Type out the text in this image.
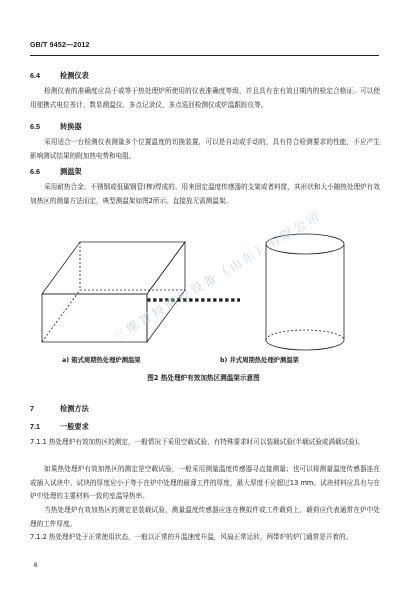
GB/T 9452—2012
6.4	检测仪表
检测仪表的准确度应高于或等于热处理炉所使用的仪表准确度等级，并且具有在有效日期内的检定合格证。可以使用便携式电位差计、数显测温仪、多点记录仪、多点巡回检测仪或炉温跟踪仪等。
6.5	转换器
采用适合一台检测仪表测量多个位置温度的切换装置，可以是自动或手动的，具有符合检测要求的性能，不应产生影响测试结果的附加热电势和电阻。
6.6	测温架
采用耐热合金、不锈钢或低碳钢管(棒)焊成的、用来固定温度传感器的支架或者料筐，其形状和大小随热处理炉有效加热区的测量方法而定，典型测温架如图2所示。直接放无需测温架。
a) 箱式周期热处理炉测温架	b) 井式周期热处理炉测温架
图2 热处理炉有效加热区测温架示意图
7	检测方法
7.1	一般要求
7.1.1 热处理炉有效加热区的测定，一般情况下采用空载试验，有特殊要求时可以装载试验(半载试验或满载试验)。
如果热处理炉有效加热区的测定是空载试验，一般采用测量温度传感器寻直接测量；也可以将测量温度传感器连在或插入试块中，试块的厚度应小于等于在炉中处理的最薄工件的厚度，最大厚度不应超过13 mm。试块材料应具有与在炉中处理的主要材料一致的室温导热率。
当热处理炉有效加热区的测定是装载试验，测量温度传感器应连在模拟件或工件载荷上，载荷应代表通常在炉中处理的工件厚度。
7.1.2 热处理炉处于正常使用状态，一般以正常的升温速度升温，风扇正常运转，两带炉的炉门通常是开着的。
6
三维智特测控设备（山东）有限公司
